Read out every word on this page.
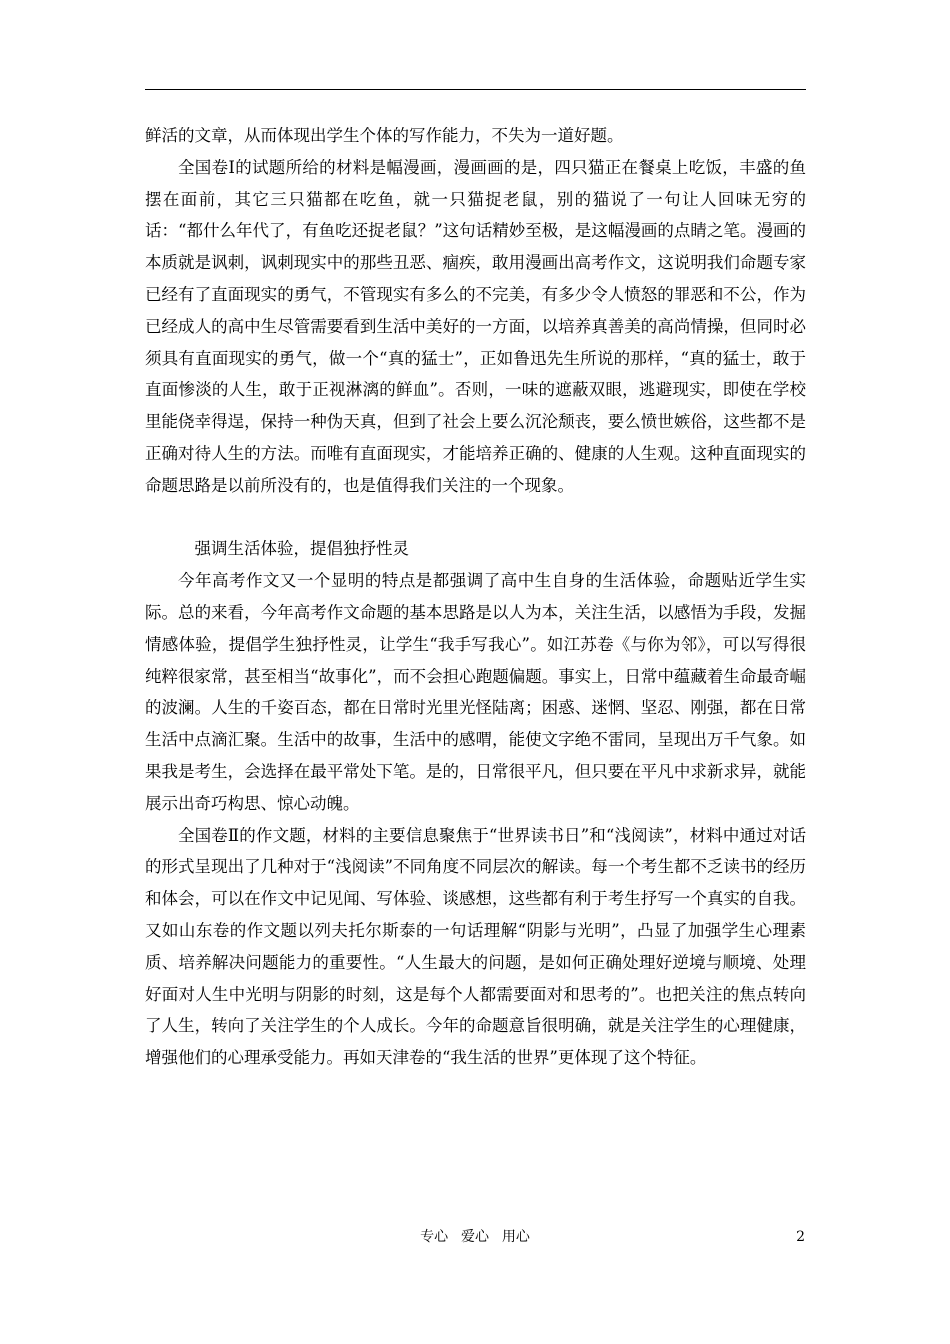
鲜活的文章，从而体现出学生个体的写作能力，不失为一道好题。

全国卷Ⅰ的试题所给的材料是幅漫画，漫画画的是，四只猫正在餐桌上吃饭，丰盛的鱼摆在面前，其它三只猫都在吃鱼，就一只猫捉老鼠，别的猫说了一句让人回味无穷的话：“都什么年代了，有鱼吃还捉老鼠？”这句话精妙至极，是这幅漫画的点睛之笔。漫画的本质就是讽刺，讽刺现实中的那些丑恶、痼疾，敢用漫画出高考作文，这说明我们命题专家已经有了直面现实的勇气，不管现实有多么的不完美，有多少令人愤怒的罪恶和不公，作为已经成人的高中生尽管需要看到生活中美好的一方面，以培养真善美的高尚情操，但同时必须具有直面现实的勇气，做一个“真的猛士”，正如鲁迅先生所说的那样，“真的猛士，敢于直面惨淡的人生，敢于正视淋漓的鲜血”。否则，一味的遮蔽双眼，逃避现实，即使在学校里能侥幸得逞，保持一种伪天真，但到了社会上要么沉沦颓丧，要么愤世嫉俗，这些都不是正确对待人生的方法。而唯有直面现实，才能培养正确的、健康的人生观。这种直面现实的命题思路是以前所没有的，也是值得我们关注的一个现象。

强调生活体验，提倡独抒性灵

今年高考作文又一个显明的特点是都强调了高中生自身的生活体验，命题贴近学生实际。总的来看，今年高考作文命题的基本思路是以人为本，关注生活，以感悟为手段，发掘情感体验，提倡学生独抒性灵，让学生“我手写我心”。如江苏卷《与你为邻》，可以写得很纯粹很家常，甚至相当“故事化”，而不会担心跑题偏题。事实上，日常中蕴藏着生命最奇崛的波澜。人生的千姿百态，都在日常时光里光怪陆离；困惑、迷惘、坚忍、刚强，都在日常生活中点滴汇聚。生活中的故事，生活中的感喟，能使文字绝不雷同，呈现出万千气象。如果我是考生，会选择在最平常处下笔。是的，日常很平凡，但只要在平凡中求新求异，就能展示出奇巧构思、惊心动魄。

全国卷Ⅱ的作文题，材料的主要信息聚焦于“世界读书日”和“浅阅读”，材料中通过对话的形式呈现出了几种对于“浅阅读”不同角度不同层次的解读。每一个考生都不乏读书的经历和体会，可以在作文中记见闻、写体验、谈感想，这些都有利于考生抒写一个真实的自我。又如山东卷的作文题以列夫托尔斯泰的一句话理解“阴影与光明”，凸显了加强学生心理素质、培养解决问题能力的重要性。“人生最大的问题，是如何正确处理好逆境与顺境、处理好面对人生中光明与阴影的时刻，这是每个人都需要面对和思考的”。也把关注的焦点转向了人生，转向了关注学生的个人成长。今年的命题意旨很明确，就是关注学生的心理健康，增强他们的心理承受能力。再如天津卷的“我生活的世界”更体现了这个特征。

专心 爱心 用心	2
